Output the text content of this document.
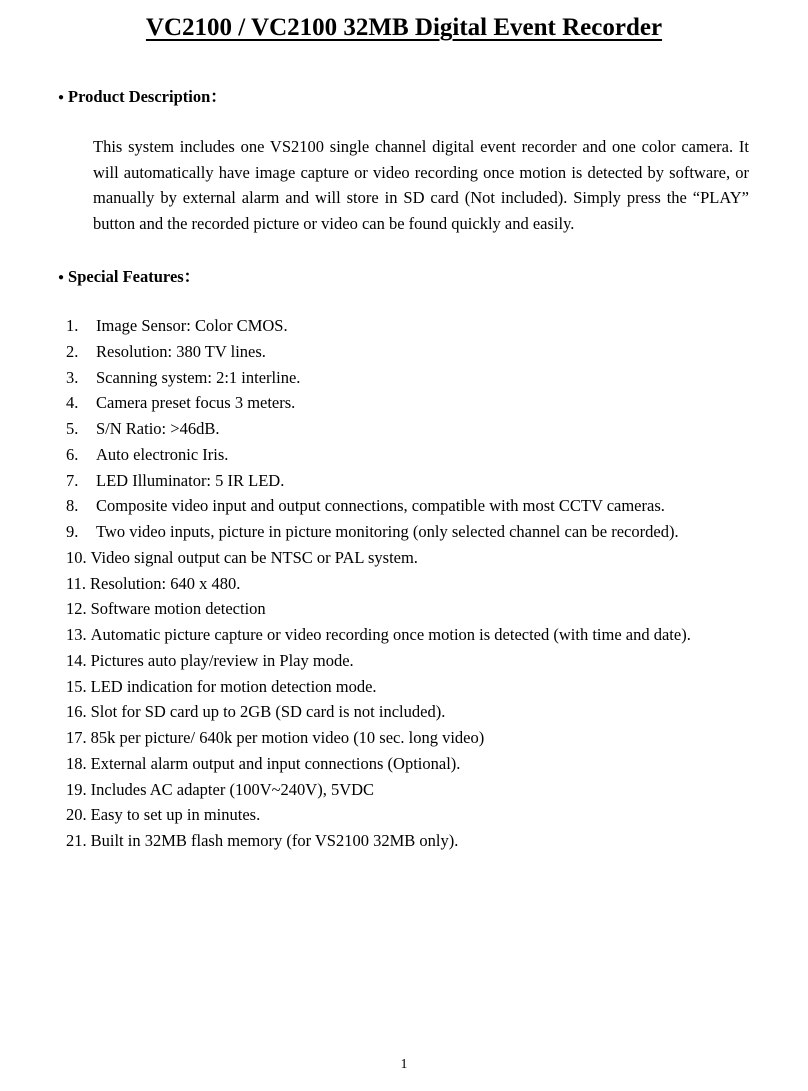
VC2100 / VC2100 32MB Digital Event Recorder
● Product Description：

This system includes one VS2100 single channel digital event recorder and one color camera. It will automatically have image capture or video recording once motion is detected by software, or manually by external alarm and will store in SD card (Not included). Simply press the “PLAY” button and the recorded picture or video can be found quickly and easily.

● Special Features：
1. Image Sensor: Color CMOS.
2. Resolution: 380 TV lines.
3. Scanning system: 2:1 interline.
4. Camera preset focus 3 meters.
5. S/N Ratio: >46dB.
6. Auto electronic Iris.
7. LED Illuminator: 5 IR LED.
8. Composite video input and output connections, compatible with most CCTV cameras.
9. Two video inputs, picture in picture monitoring (only selected channel can be recorded).
10. Video signal output can be NTSC or PAL system.
11. Resolution: 640 x 480.
12. Software motion detection
13. Automatic picture capture or video recording once motion is detected (with time and date).
14. Pictures auto play/review in Play mode.
15. LED indication for motion detection mode.
16. Slot for SD card up to 2GB (SD card is not included).
17. 85k per picture/ 640k per motion video (10 sec. long video)
18. External alarm output and input connections (Optional).
19. Includes AC adapter (100V~240V), 5VDC
20. Easy to set up in minutes.
21. Built in 32MB flash memory (for VS2100 32MB only).
1
